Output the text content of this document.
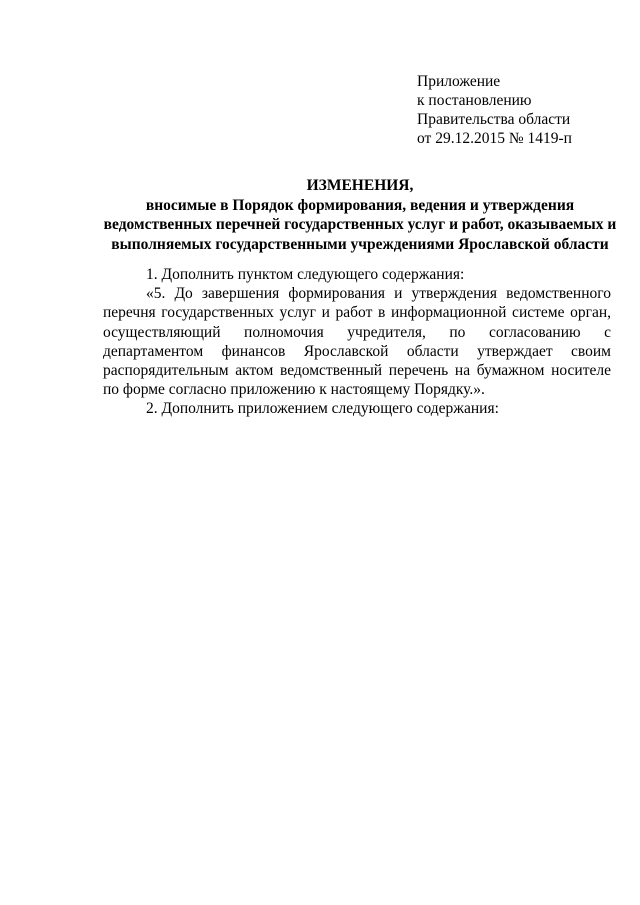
Приложение
к постановлению
Правительства области
от 29.12.2015 № 1419-п
ИЗМЕНЕНИЯ,
вносимые в Порядок формирования, ведения и утверждения
ведомственных перечней государственных услуг и работ, оказываемых и
выполняемых государственными учреждениями Ярославской области

1. Дополнить пунктом следующего содержания:

«5. До завершения формирования и утверждения ведомственного перечня государственных услуг и работ в информационной системе орган, осуществляющий полномочия учредителя, по согласованию с департаментом финансов Ярославской области утверждает своим распорядительным актом ведомственный перечень на бумажном носителе по форме согласно приложению к настоящему Порядку.».

2. Дополнить приложением следующего содержания:
